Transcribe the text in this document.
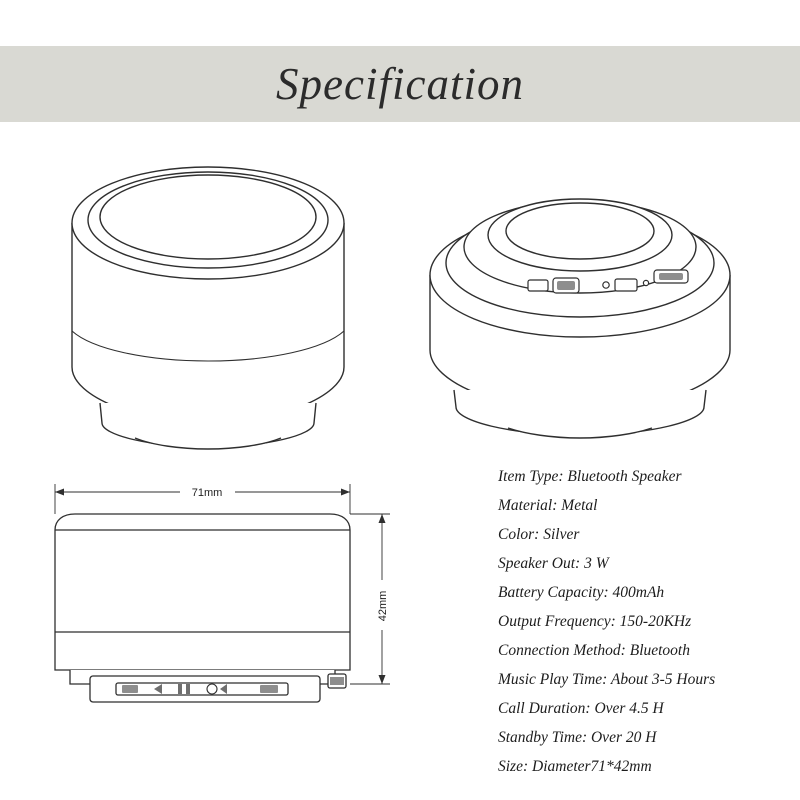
Specification
71mm
42mm
Item Type: Bluetooth Speaker
Material: Metal
Color: Silver
Speaker Out: 3 W
Battery Capacity: 400mAh
Output Frequency: 150-20KHz
Connection Method: Bluetooth
Music Play Time: About 3-5 Hours
Call Duration: Over 4.5 H
Standby Time: Over 20 H
Size: Diameter71*42mm
